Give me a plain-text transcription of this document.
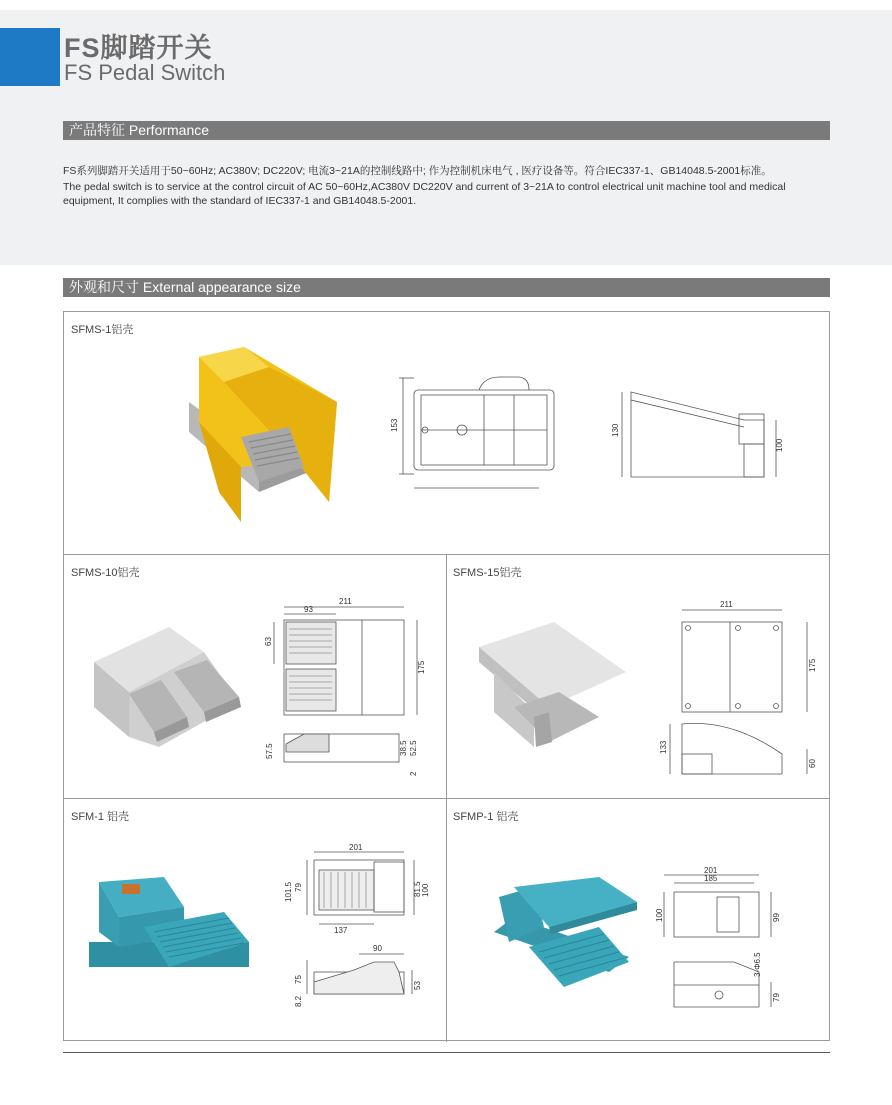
FS脚踏开关
FS Pedal Switch
产品特征 Performance

FS系列脚踏开关适用于50~60Hz; AC380V; DC220V; 电流3~21A的控制线路中; 作为控制机床电气 , 医疗设备等。符合IEC337-1、GB14048.5-2001标准。

The pedal switch is to service at the control circuit of AC 50~60Hz,AC380V DC220V and current of 3~21A to control electrical unit machine tool and medical equipment, It complies with the standard of IEC337-1 and GB14048.5-2001.

外观和尺寸 External appearance size
SFMS-1铝壳
153	130
100
SFMS-10铝壳
211
93
63
175
57.5	38.5 52.5
2
SFMS-15铝壳
211
175
133
60
SFM-1 铝壳
201
137
101.5 79	81.5 100
90
75
53
8.2
SFMP-1 铝壳
201
185
100	99
3-Φ6.5
79
